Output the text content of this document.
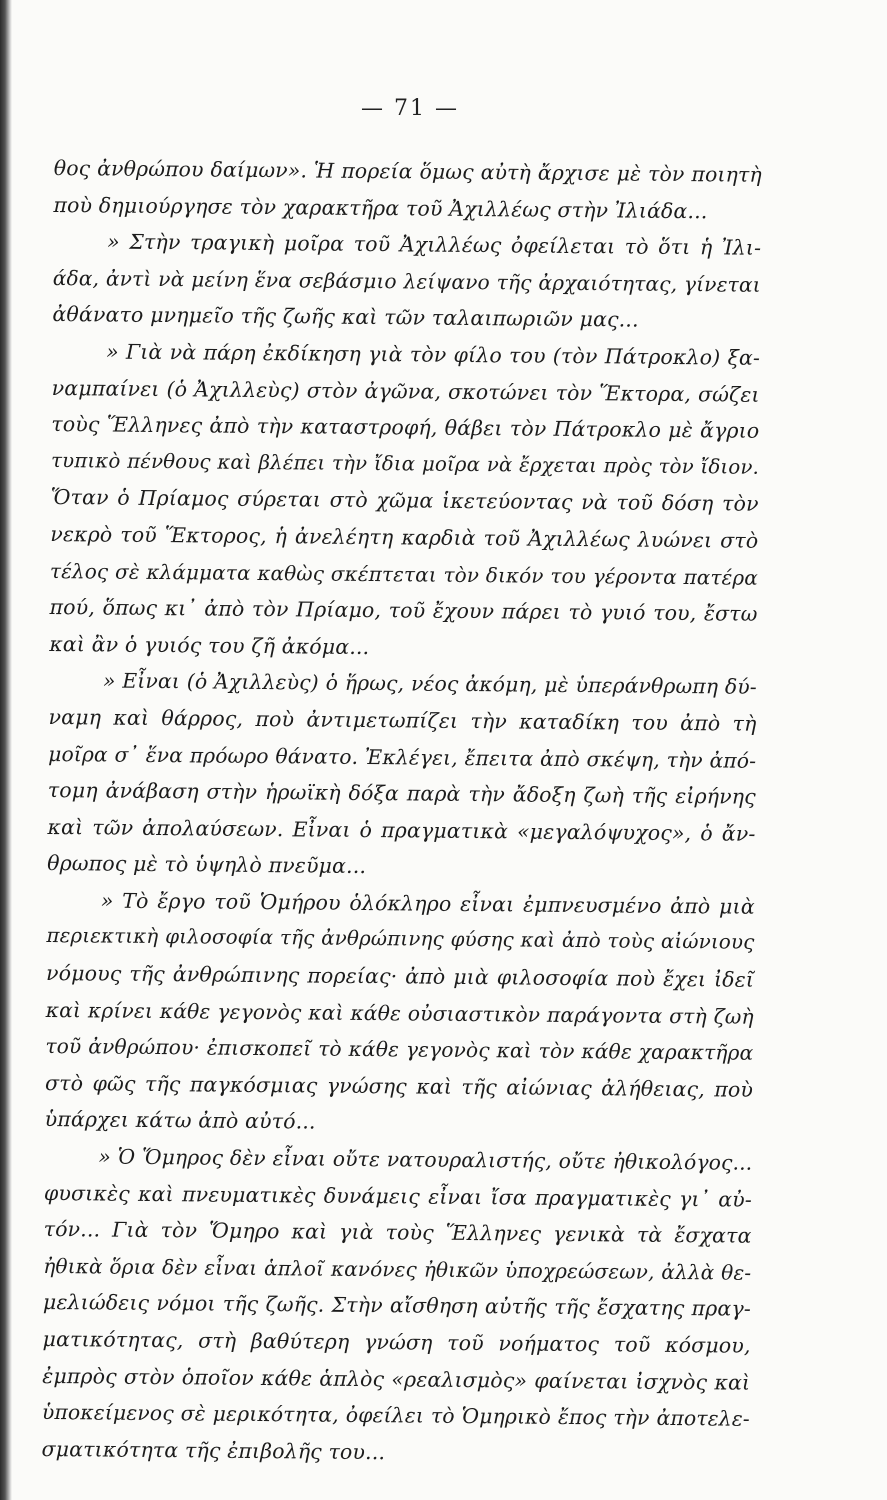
— 71 —
θος ἀνθρώπου δαίμων». Ἡ πορεία ὅμως αὐτὴ ἄρχισε μὲ τὸν ποιητὴ
ποὺ δημιούργησε τὸν χαρακτῆρα τοῦ Ἀχιλλέως στὴν Ἰλιάδα...
» Στὴν τραγικὴ μοῖρα τοῦ Ἀχιλλέως ὀφείλεται τὸ ὅτι ἡ Ἰλι-
άδα, ἀντὶ νὰ μείνη ἕνα σεβάσμιο λείψανο τῆς ἀρχαιότητας, γίνεται
ἀθάνατο μνημεῖο τῆς ζωῆς καὶ τῶν ταλαιπωριῶν μας...
» Γιὰ νὰ πάρη ἐκδίκηση γιὰ τὸν φίλο του (τὸν Πάτροκλο) ξα-
ναμπαίνει (ὁ Ἀχιλλεὺς) στὸν ἀγῶνα, σκοτώνει τὸν Ἕκτορα, σώζει
τοὺς Ἕλληνες ἀπὸ τὴν καταστροφή, θάβει τὸν Πάτροκλο μὲ ἄγριο
τυπικὸ πένθους καὶ βλέπει τὴν ἴδια μοῖρα νὰ ἔρχεται πρὸς τὸν ἴδιον.
Ὅταν ὁ Πρίαμος σύρεται στὸ χῶμα ἱκετεύοντας νὰ τοῦ δόση τὸν
νεκρὸ τοῦ Ἕκτορος, ἡ ἀνελέητη καρδιὰ τοῦ Ἀχιλλέως λυώνει στὸ
τέλος σὲ κλάμματα καθὼς σκέπτεται τὸν δικόν του γέροντα πατέρα
πού, ὅπως κι᾿ ἀπὸ τὸν Πρίαμο, τοῦ ἔχουν πάρει τὸ γυιό του, ἔστω
καὶ ἂν ὁ γυιός του ζῆ ἀκόμα...
» Εἶναι (ὁ Ἀχιλλεὺς) ὁ ἥρως, νέος ἀκόμη, μὲ ὑπεράνθρωπη δύ-
ναμη καὶ θάρρος, ποὺ ἀντιμετωπίζει τὴν καταδίκη του ἀπὸ τὴ
μοῖρα σ᾿ ἕνα πρόωρο θάνατο. Ἐκλέγει, ἔπειτα ἀπὸ σκέψη, τὴν ἀπό-
τομη ἀνάβαση στὴν ἡρωϊκὴ δόξα παρὰ τὴν ἄδοξη ζωὴ τῆς εἰρήνης
καὶ τῶν ἀπολαύσεων. Εἶναι ὁ πραγματικὰ «μεγαλόψυχος», ὁ ἄν-
θρωπος μὲ τὸ ὑψηλὸ πνεῦμα...
» Τὸ ἔργο τοῦ Ὁμήρου ὁλόκληρο εἶναι ἐμπνευσμένο ἀπὸ μιὰ
περιεκτικὴ φιλοσοφία τῆς ἀνθρώπινης φύσης καὶ ἀπὸ τοὺς αἰώνιους
νόμους τῆς ἀνθρώπινης πορείας· ἀπὸ μιὰ φιλοσοφία ποὺ ἔχει ἰδεῖ
καὶ κρίνει κάθε γεγονὸς καὶ κάθε οὐσιαστικὸν παράγοντα στὴ ζωὴ
τοῦ ἀνθρώπου· ἐπισκοπεῖ τὸ κάθε γεγονὸς καὶ τὸν κάθε χαρακτῆρα
στὸ φῶς τῆς παγκόσμιας γνώσης καὶ τῆς αἰώνιας ἀλήθειας, ποὺ
ὑπάρχει κάτω ἀπὸ αὐτό...
» Ὁ Ὅμηρος δὲν εἶναι οὔτε νατουραλιστής, οὔτε ἠθικολόγος...
φυσικὲς καὶ πνευματικὲς δυνάμεις εἶναι ἴσα πραγματικὲς γι᾿ αὐ-
τόν... Γιὰ τὸν Ὅμηρο καὶ γιὰ τοὺς Ἕλληνες γενικὰ τὰ ἔσχατα
ἠθικὰ ὅρια δὲν εἶναι ἁπλοῖ κανόνες ἠθικῶν ὑποχρεώσεων, ἀλλὰ θε-
μελιώδεις νόμοι τῆς ζωῆς. Στὴν αἴσθηση αὐτῆς τῆς ἔσχατης πραγ-
ματικότητας, στὴ βαθύτερη γνώση τοῦ νοήματος τοῦ κόσμου,
ἐμπρὸς στὸν ὁποῖον κάθε ἁπλὸς «ρεαλισμὸς» φαίνεται ἰσχνὸς καὶ
ὑποκείμενος σὲ μερικότητα, ὀφείλει τὸ Ὁμηρικὸ ἔπος τὴν ἀποτελε-
σματικότητα τῆς ἐπιβολῆς του...
